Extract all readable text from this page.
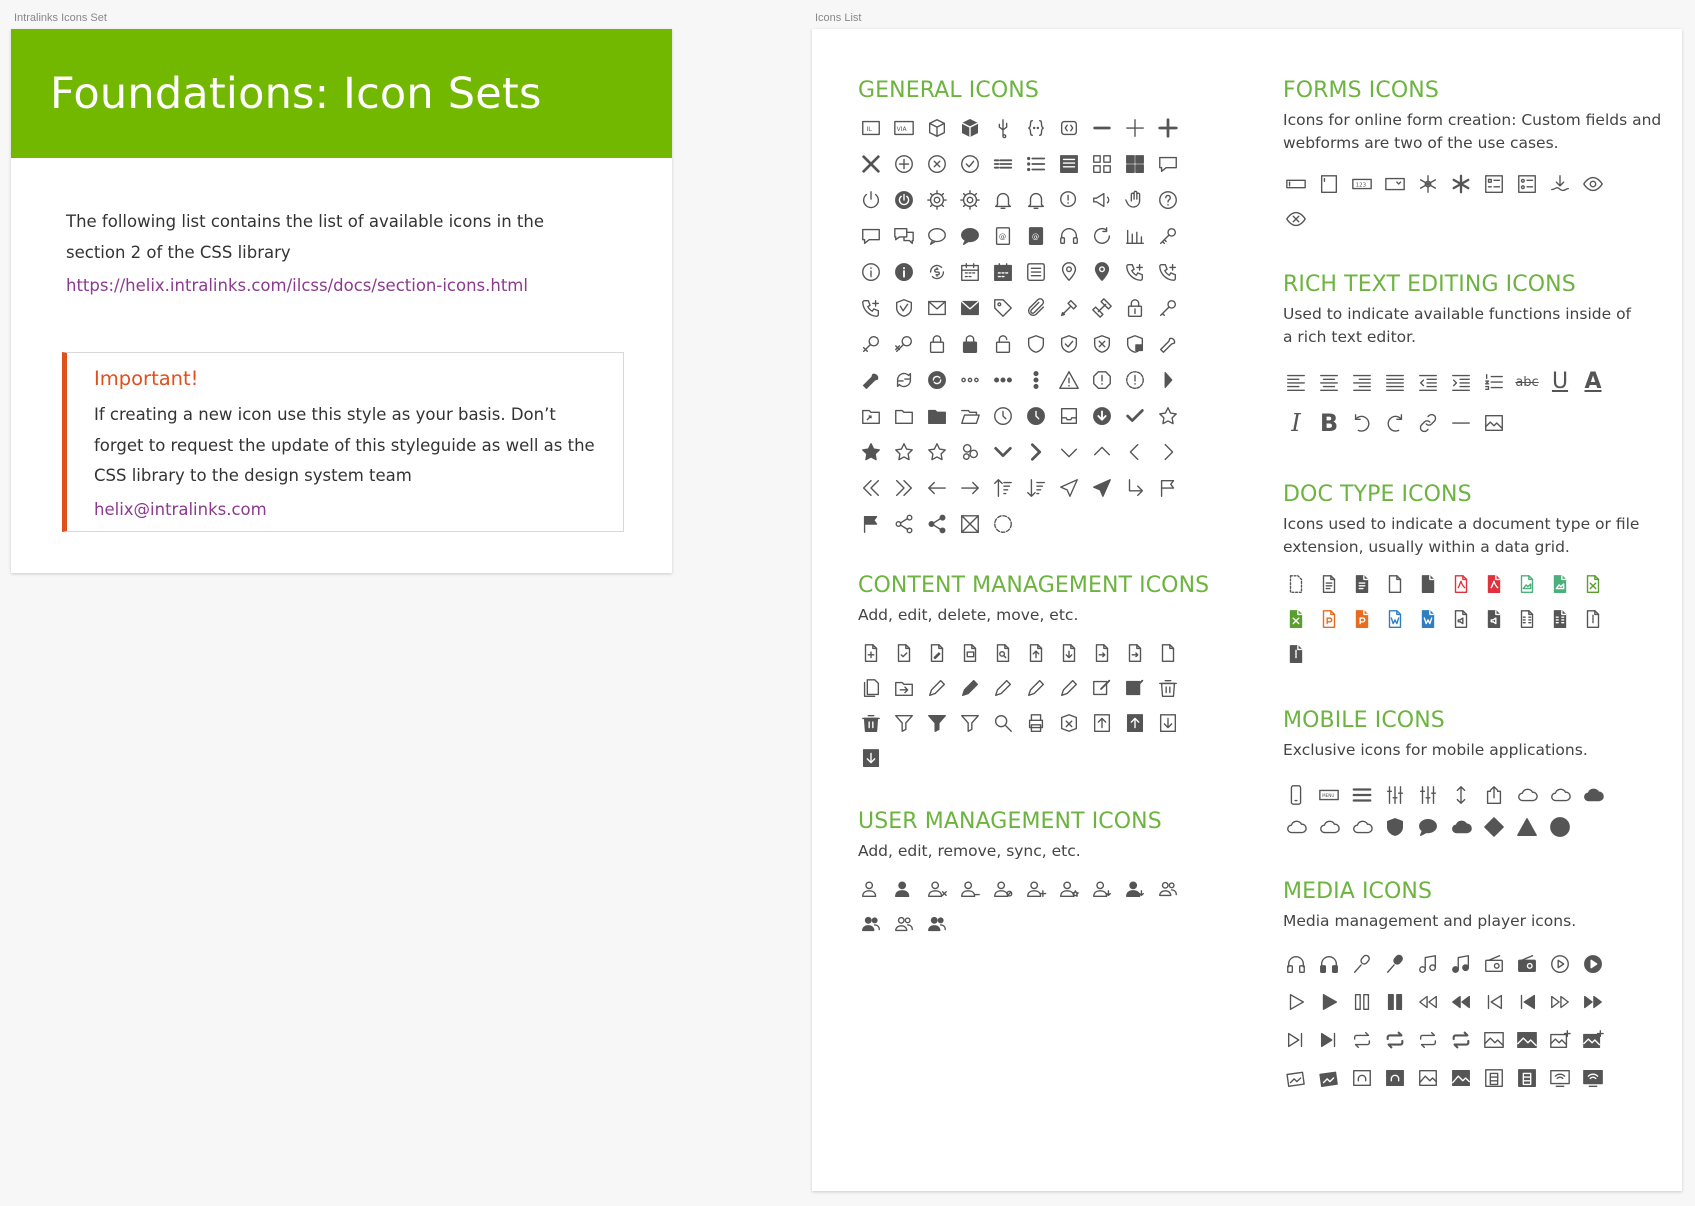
Intralinks Icons Set	Icons List
Foundations: Icon Sets
The following list contains the list of available icons in the section 2 of the CSS library
https://helix.intralinks.com/ilcss/docs/section-icons.html
Important!

If creating a new icon use this style as your basis. Don’t forget to request the update of this styleguide as well as the CSS library to the design system team

helix@intralinks.com
GENERAL ICONS
IL	VIA
@	@
CONTENT MANAGEMENT ICONS
Add, edit, delete, move, etc.
USER MANAGEMENT ICONS
Add, edit, remove, sync, etc.
FORMS ICONS
Icons for online form creation: Custom fields and webforms are two of the use cases.
123
RICH TEXT EDITING ICONS
Used to indicate available functions inside of a rich text editor.
abc U A
I B
DOC TYPE ICONS
Icons used to indicate a document type or file extension, usually within a data grid.
MOBILE ICONS
Exclusive icons for mobile applications.
MENU
MEDIA ICONS
Media management and player icons.
